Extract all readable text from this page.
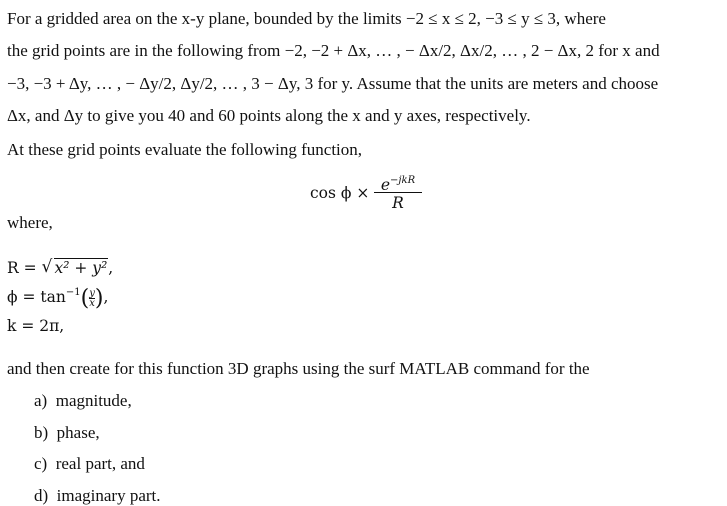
For a gridded area on the x-y plane, bounded by the limits −2 ≤ x ≤ 2, −3 ≤ y ≤ 3, where
the grid points are in the following from −2, −2 + Δx, … , − Δx/2, Δx/2, … , 2 − Δx, 2 for x and
−3, −3 + Δy, … , − Δy/2, Δy/2, … , 3 − Δy, 3 for y. Assume that the units are meters and choose
Δx, and Δy to give you 40 and 60 points along the x and y axes, respectively.
At these grid points evaluate the following function,
$\cos \phi \times e^{-jkR}$
R
where,
R = √ x² + y²,
$\phi = \tan^{-1}(\frac{y}{x})$,
k = 2π,
and then create for this function 3D graphs using the surf MATLAB command for the
a) magnitude,
b) phase,
c) real part, and
d) imaginary part.
